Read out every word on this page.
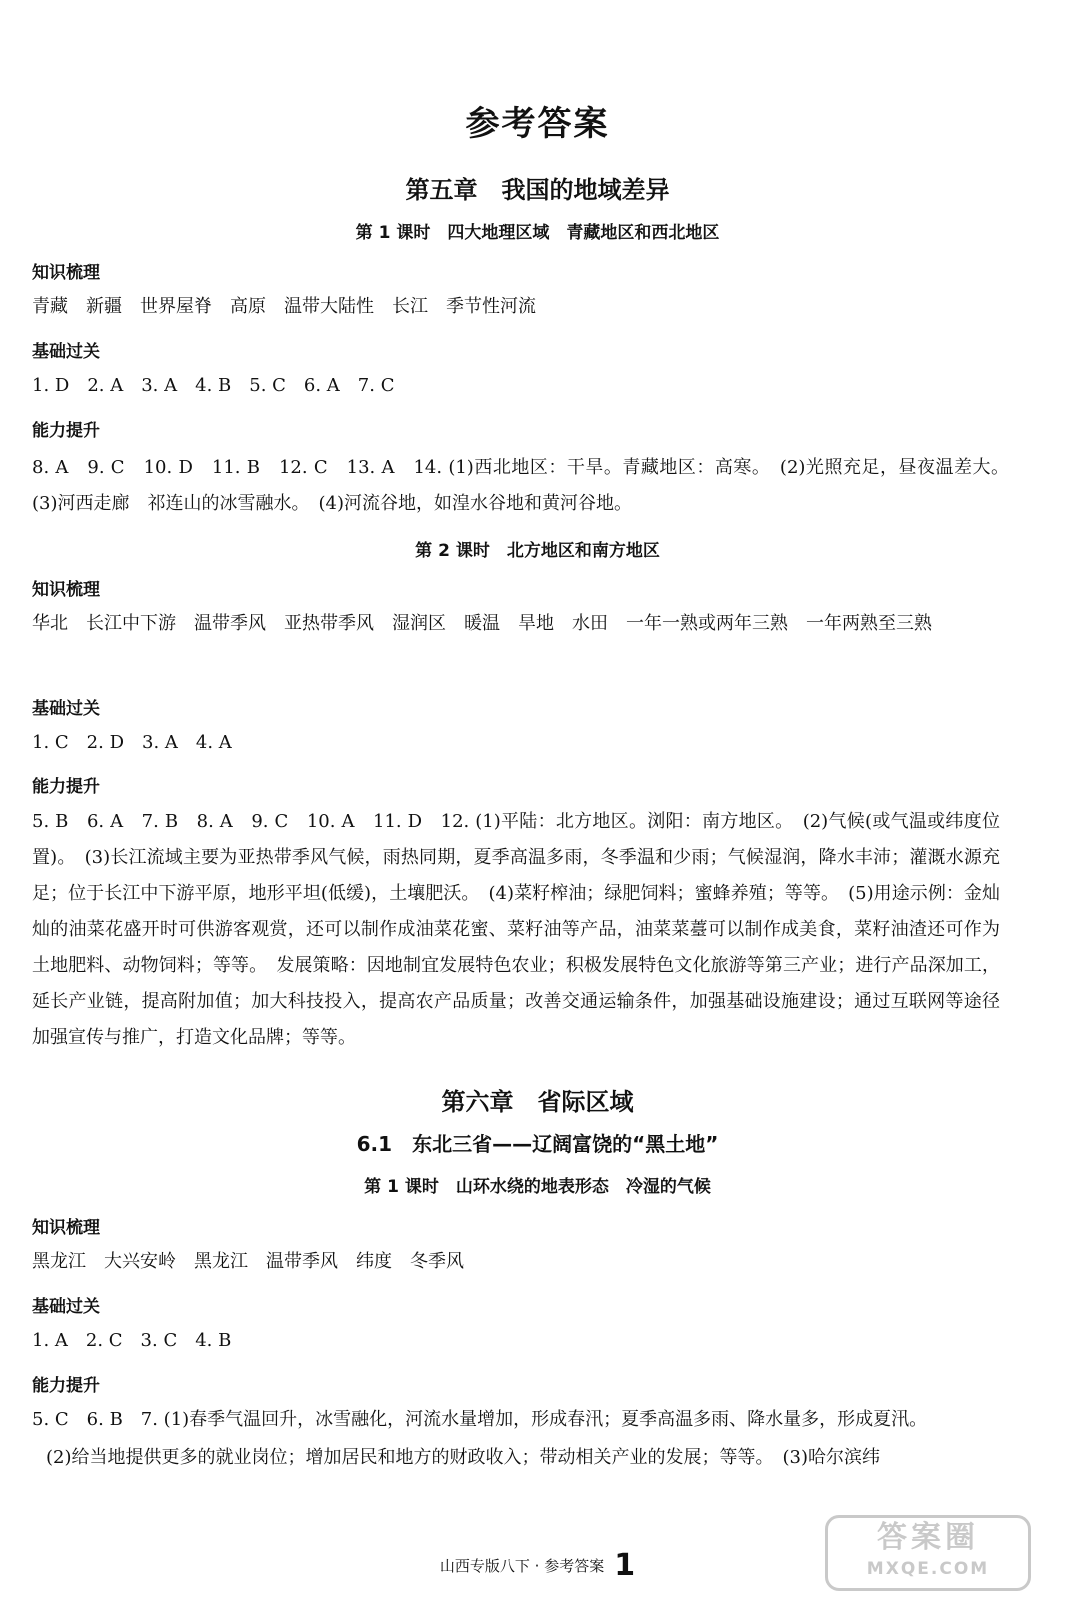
参考答案
第五章　我国的地域差异
第 1 课时　四大地理区域　青藏地区和西北地区
知识梳理
青藏　新疆　世界屋脊　高原　温带大陆性　长江　季节性河流
基础过关
1. D　2. A　3. A　4. B　5. C　6. A　7. C
能力提升
8. A　9. C　10. D　11. B　12. C　13. A　14. (1)西北地区：干旱。青藏地区：高寒。　(2)光照充足，昼夜温差大。　(3)河西走廊　祁连山的冰雪融水。　(4)河流谷地，如湟水谷地和黄河谷地。
第 2 课时　北方地区和南方地区
知识梳理
华北　长江中下游　温带季风　亚热带季风　湿润区　暖温　旱地　水田　一年一熟或两年三熟　一年两熟至三熟
基础过关
1. C　2. D　3. A　4. A
能力提升
5. B　6. A　7. B　8. A　9. C　10. A　11. D　12. (1)平陆：北方地区。浏阳：南方地区。　(2)气候(或气温或纬度位置)。　(3)长江流域主要为亚热带季风气候，雨热同期，夏季高温多雨，冬季温和少雨；气候湿润，降水丰沛；灌溉水源充足；位于长江中下游平原，地形平坦(低缓)，土壤肥沃。　(4)菜籽榨油；绿肥饲料；蜜蜂养殖；等等。　(5)用途示例：金灿灿的油菜花盛开时可供游客观赏，还可以制作成油菜花蜜、菜籽油等产品，油菜菜薹可以制作成美食，菜籽油渣还可作为土地肥料、动物饲料；等等。　发展策略：因地制宜发展特色农业；积极发展特色文化旅游等第三产业；进行产品深加工，延长产业链，提高附加值；加大科技投入，提高农产品质量；改善交通运输条件，加强基础设施建设；通过互联网等途径加强宣传与推广，打造文化品牌；等等。
第六章　省际区域
6.1　东北三省——辽阔富饶的“黑土地”
第 1 课时　山环水绕的地表形态　冷湿的气候
知识梳理
黑龙江　大兴安岭　黑龙江　温带季风　纬度　冬季风
基础过关
1. A　2. C　3. C　4. B
能力提升
5. C　6. B　7. (1)春季气温回升，冰雪融化，河流水量增加，形成春汛；夏季高温多雨、降水量多，形成夏汛。
(2)给当地提供更多的就业岗位；增加居民和地方的财政收入；带动相关产业的发展；等等。　(3)哈尔滨纬
山西专版八下 · 参考答案 1
答案圈
MXQE.COM
